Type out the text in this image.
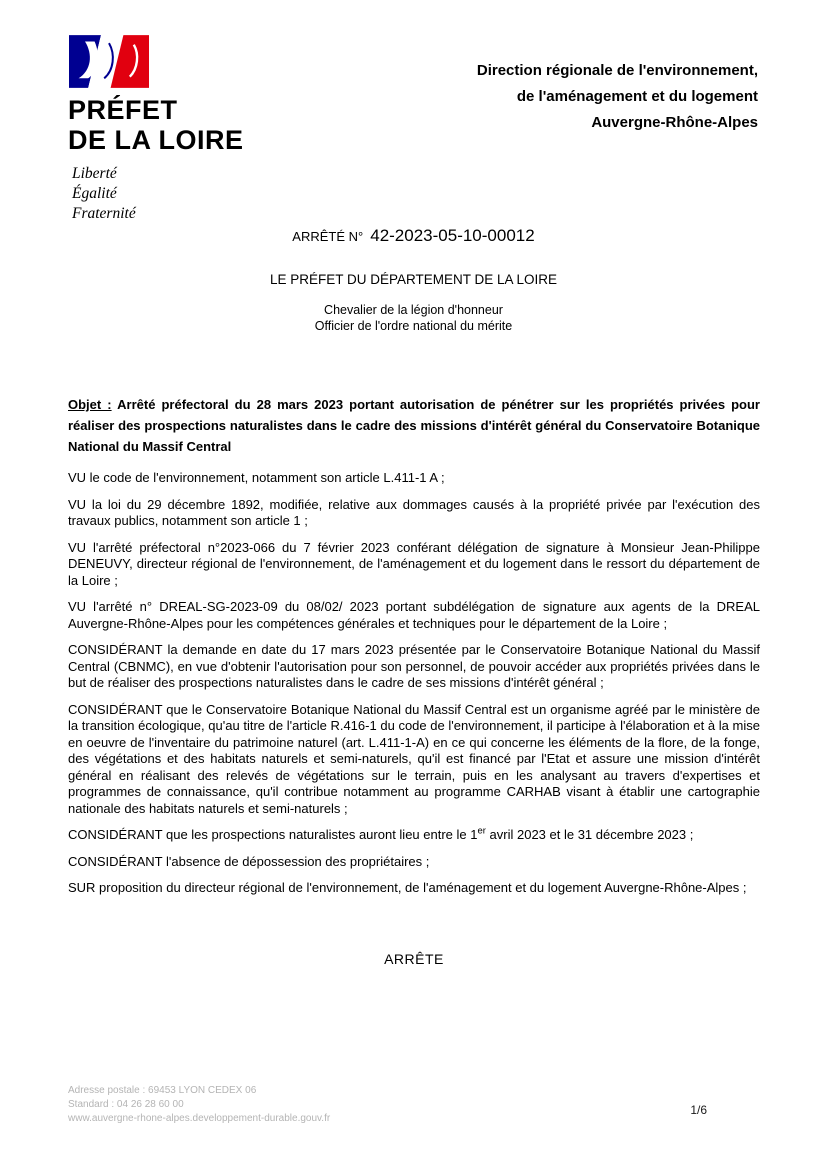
PRÉFET
DE LA LOIRE
Liberté
Égalité
Fraternité
Direction régionale de l'environnement,
de l'aménagement et du logement
Auvergne-Rhône-Alpes
ARRÊTÉ N° 42-2023-05-10-00012
LE PRÉFET DU DÉPARTEMENT DE LA LOIRE
Chevalier de la légion d'honneur
Officier de l'ordre national du mérite

Objet : Arrêté préfectoral du 28 mars 2023 portant autorisation de pénétrer sur les propriétés privées pour réaliser des prospections naturalistes dans le cadre des missions d'intérêt général du Conservatoire Botanique National du Massif Central

VU le code de l'environnement, notamment son article L.411-1 A ;

VU la loi du 29 décembre 1892, modifiée, relative aux dommages causés à la propriété privée par l'exécution des travaux publics, notamment son article 1 ;

VU l'arrêté préfectoral n°2023-066 du 7 février 2023 conférant délégation de signature à Monsieur Jean-Philippe DENEUVY, directeur régional de l'environnement, de l'aménagement et du logement dans le ressort du département de la Loire ;

VU l'arrêté n° DREAL-SG-2023-09 du 08/02/ 2023 portant subdélégation de signature aux agents de la DREAL Auvergne-Rhône-Alpes pour les compétences générales et techniques pour le département de la Loire ;

CONSIDÉRANT la demande en date du 17 mars 2023 présentée par le Conservatoire Botanique National du Massif Central (CBNMC), en vue d'obtenir l'autorisation pour son personnel, de pouvoir accéder aux propriétés privées dans le but de réaliser des prospections naturalistes dans le cadre de ses missions d'intérêt général ;

CONSIDÉRANT que le Conservatoire Botanique National du Massif Central est un organisme agréé par le ministère de la transition écologique, qu'au titre de l'article R.416-1 du code de l'environnement, il participe à l'élaboration et à la mise en oeuvre de l'inventaire du patrimoine naturel (art. L.411-1-A) en ce qui concerne les éléments de la flore, de la fonge, des végétations et des habitats naturels et semi-naturels, qu'il est financé par l'Etat et assure une mission d'intérêt général en réalisant des relevés de végétations sur le terrain, puis en les analysant au travers d'expertises et programmes de connaissance, qu'il contribue notamment au programme CARHAB visant à établir une cartographie nationale des habitats naturels et semi-naturels ;

CONSIDÉRANT que les prospections naturalistes auront lieu entre le 1er avril 2023 et le 31 décembre 2023 ;

CONSIDÉRANT l'absence de dépossession des propriétaires ;

SUR proposition du directeur régional de l'environnement, de l'aménagement et du logement Auvergne-Rhône-Alpes ;

ARRÊTE
Adresse postale : 69453 LYON CEDEX 06
Standard : 04 26 28 60 00
www.auvergne-rhone-alpes.developpement-durable.gouv.fr
1/6
